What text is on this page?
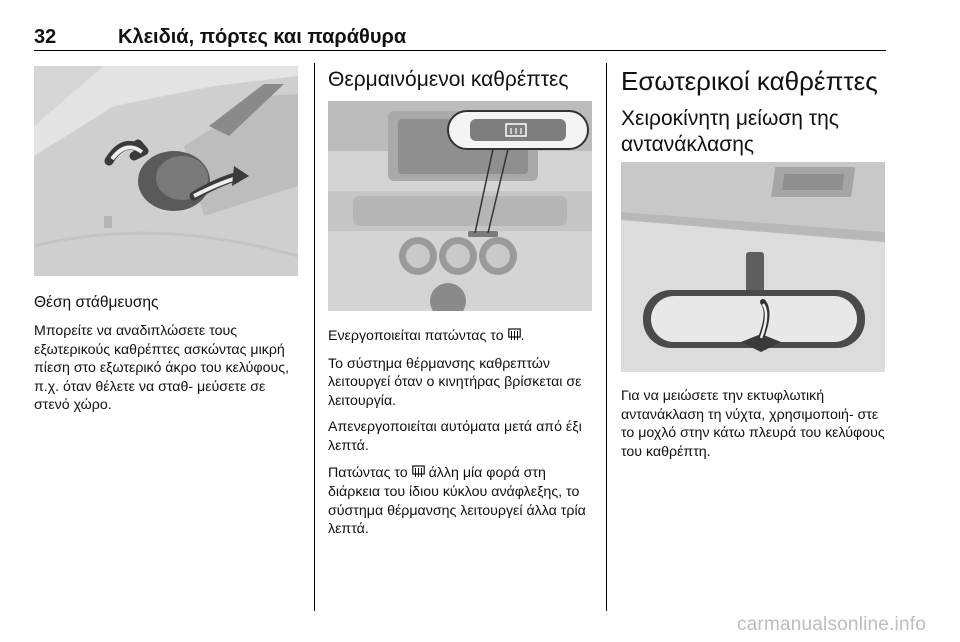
32	Κλειδιά, πόρτες και παράθυρα
Θέση στάθμευσης

Μπορείτε να αναδιπλώσετε τους εξωτερικούς καθρέπτες ασκώντας μικρή πίεση στο εξωτερικό άκρο του κελύφους, π.χ. όταν θέλετε να σταθ‐ μεύσετε σε στενό χώρο.

Θερμαινόμενοι καθρέπτες

Ενεργοποιείται πατώντας το .

Το σύστημα θέρμανσης καθρεπτών λειτουργεί όταν ο κινητήρας βρίσκεται σε λειτουργία.

Απενεργοποιείται αυτόματα μετά από έξι λεπτά.

Πατώντας το άλλη μία φορά στη διάρκεια του ίδιου κύκλου ανάφλεξης, το σύστημα θέρμανσης λειτουργεί άλλα τρία λεπτά.

Εσωτερικοί καθρέπτες
Χειροκίνητη μείωση της αντανάκλασης

Για να μειώσετε την εκτυφλωτική αντανάκλαση τη νύχτα, χρησιμοποιή‐ στε το μοχλό στην κάτω πλευρά του κελύφους του καθρέπτη.

carmanualsonline.info
